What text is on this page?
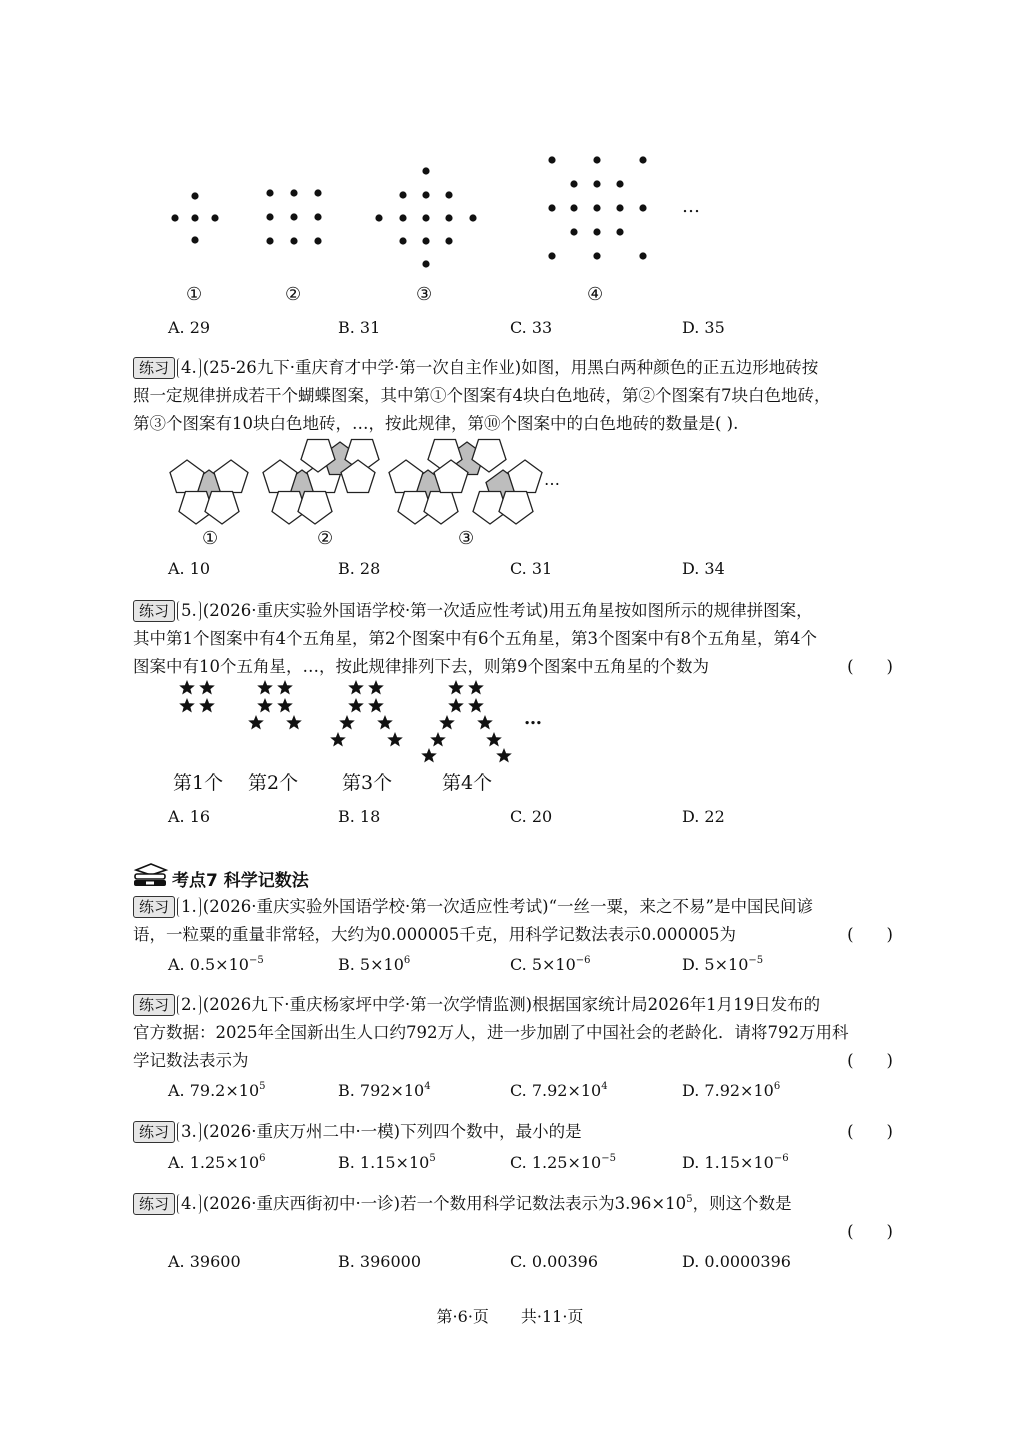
…
①	②	③	④
A. 29	B. 31	C. 33	D. 35

练习 4. (25-26九下·重庆育才中学·第一次自主作业)如图，用黑白两种颜色的正五边形地砖按

照一定规律拼成若干个蝴蝶图案，其中第①个图案有4块白色地砖，第②个图案有7块白色地砖，

第③个图案有10块白色地砖，…，按此规律，第⑩个图案中的白色地砖的数量是( ).

…
①	②	③
A. 10	B. 28	C. 31	D. 34

练习 5. (2026·重庆实验外国语学校·第一次适应性考试)用五角星按如图所示的规律拼图案，

其中第1个图案中有4个五角星，第2个图案中有6个五角星，第3个图案中有8个五角星，第4个

图案中有10个五角星，…，按此规律排列下去，则第9个图案中五角星的个数为	(　　)

…
第1个 第2个 第3个	第4个
A. 16	B. 18	C. 20	D. 22
考点7 科学记数法

练习 1. (2026·重庆实验外国语学校·第一次适应性考试)“一丝一粟，来之不易”是中国民间谚

语，一粒粟的重量非常轻，大约为0.000005千克，用科学记数法表示0.000005为	(　　)

A. $0.5\times 10^{-5}$	B. $5\times 10^6$	C. $5\times 10^{-6}$	D. $5\times 10^{-5}$

练习 2. (2026九下·重庆杨家坪中学·第一次学情监测)根据国家统计局2026年1月19日发布的

官方数据：2025年全国新出生人口约792万人，进一步加剧了中国社会的老龄化．请将792万用科

学记数法表示为	(　　)

A. $79.2\times 10^5$	B. $792\times 10^4$	C. $7.92\times 10^4$	D. $7.92\times 10^6$

练习 3. (2026·重庆万州二中·一模)下列四个数中，最小的是	(　　)

A. $1.25\times 10^6$	B. $1.15\times 10^5$	C. $1.25\times 10^{-5}$	D. $1.15\times 10^{-6}$

练习 4. (2026·重庆西街初中·一诊)若一个数用科学记数法表示为$3.96\times 10^5$，则这个数是

(　　)

A. 39600	B. 396000	C. 0.00396	D. 0.0000396
第·6·页　　共·11·页
